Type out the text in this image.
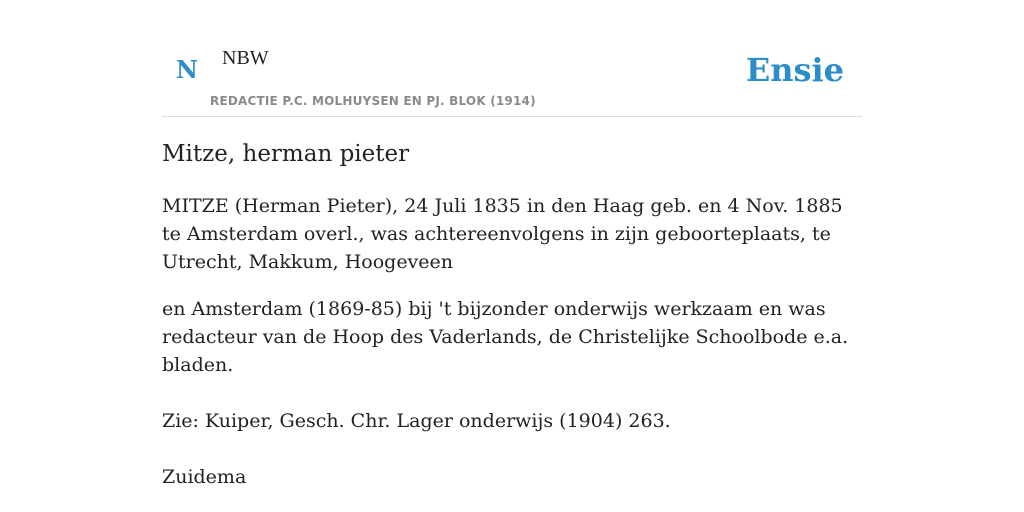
N NBW
REDACTIE P.C. MOLHUYSEN EN PJ. BLOK (1914)
Ensie
Mitze, herman pieter

MITZE (Herman Pieter), 24 Juli 1835 in den Haag geb. en 4 Nov. 1885 te Amsterdam overl., was achtereenvolgens in zijn geboorteplaats, te Utrecht, Makkum, Hoogeveen

en Amsterdam (1869-85) bij 't bijzonder onderwijs werkzaam en was redacteur van de Hoop des Vaderlands, de Christelijke Schoolbode e.a. bladen.

Zie: Kuiper, Gesch. Chr. Lager onderwijs (1904) 263.

Zuidema
